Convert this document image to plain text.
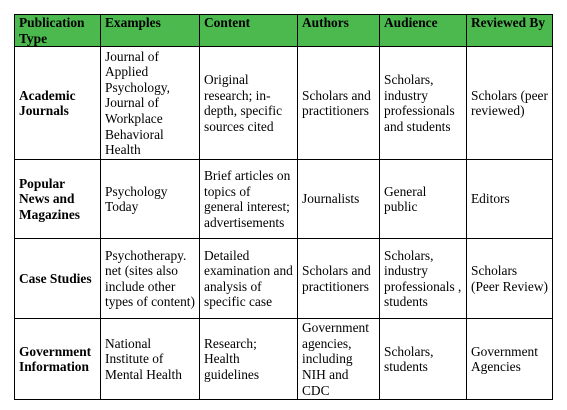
Publication Type	Examples	Content	Authors	Audience	Reviewed By
Academic Journals	Journal of Applied Psychology, Journal of Workplace Behavioral Health	Original research; in-depth, specific sources cited	Scholars and practitioners	Scholars, industry professionals and students	Scholars (peer reviewed)
Popular News and Magazines	Psychology Today	Brief articles on topics of general interest; advertisements	Journalists	General public	Editors
Case Studies	Psychotherapy. net (sites also include other types of content)	Detailed examination and analysis of specific case	Scholars and practitioners	Scholars, industry professionals , students	Scholars (Peer Review)
Government Information	National Institute of Mental Health	Research; Health guidelines	Government agencies, including NIH and CDC	Scholars, students	Government Agencies
